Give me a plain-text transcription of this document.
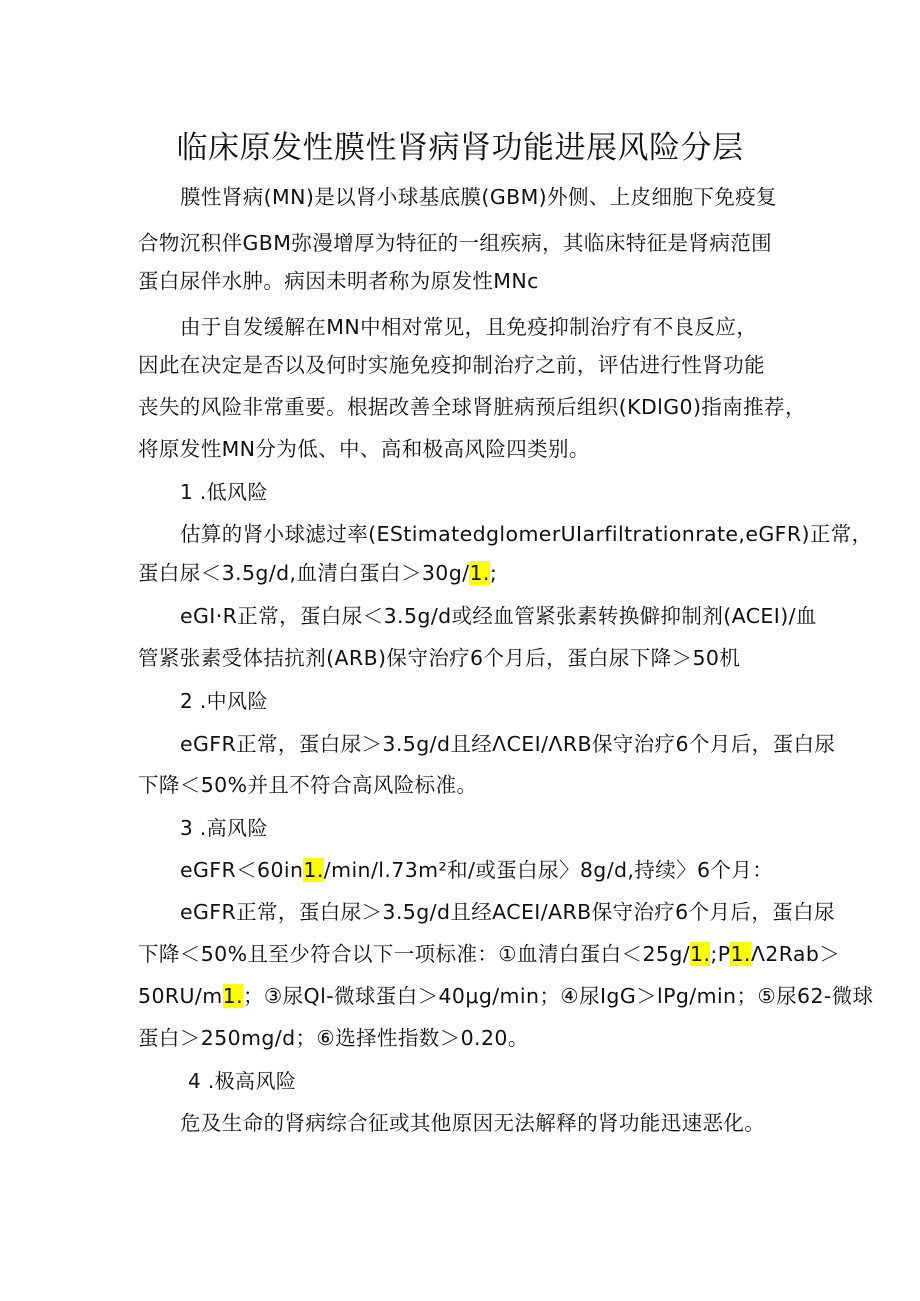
临床原发性膜性肾病肾功能进展风险分层
膜性肾病(MN)是以肾小球基底膜(GBM)外侧、上皮细胞下免疫复
合物沉积伴GBM弥漫增厚为特征的一组疾病，其临床特征是肾病范围
蛋白尿伴水肿。病因未明者称为原发性MNc
由于自发缓解在MN中相对常见，且免疫抑制治疗有不良反应，
因此在决定是否以及何时实施免疫抑制治疗之前，评估进行性肾功能
丧失的风险非常重要。根据改善全球肾脏病预后组织(KDlG0)指南推荐，
将原发性MN分为低、中、高和极高风险四类别。
1 .低风险
估算的肾小球滤过率(EStimatedglomerUIarfiltrationrate,eGFR)正常，
蛋白尿＜3.5g∕d,血清白蛋白＞30g/1.;
eGI·R正常，蛋白尿＜3.5g/d或经血管紧张素转换僻抑制剂(ACEI)/血
管紧张素受体拮抗剂(ARB)保守治疗6个月后，蛋白尿下降＞50机
2 .中风险
eGFR正常，蛋白尿＞3.5g/d且经ΛCEI/ΛRB保守治疗6个月后，蛋白尿
下降＜50%并且不符合高风险标准。
3 .高风险
eGFR＜60in1./min/l.73m²和/或蛋白尿〉8g/d,持续〉6个月：
eGFR正常，蛋白尿＞3.5g∕d且经ACEI/ARB保守治疗6个月后，蛋白尿
下降＜50%且至少符合以下一项标准：①血清白蛋白＜25g/1.;P1.Λ2Rab＞
50RU/m1.；③尿Ql-微球蛋白＞40μg/min；④尿IgG＞lPg/min；⑤尿62-微球
蛋白＞250mg/d；⑥选择性指数＞0.20。
4 .极高风险
危及生命的肾病综合征或其他原因无法解释的肾功能迅速恶化。
